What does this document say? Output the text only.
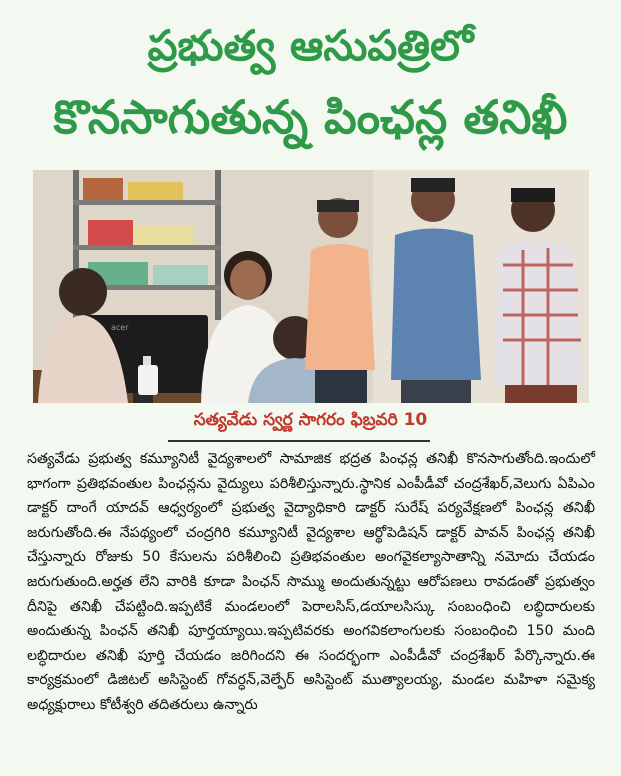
ప్రభుత్వ ఆసుపత్రిలో
కొనసాగుతున్న పింఛన్ల తనిఖీ
acer
సత్యవేడు స్వర్ణ సాగరం ఫిబ్రవరి 10

సత్యవేడు ప్రభుత్వ కమ్యూనిటీ వైద్యశాలలో సామాజిక భద్రత పింఛన్ల తనిఖీ కొనసాగుతోంది.ఇందులో భాగంగా ప్రతిభవంతుల పింఛన్లను వైద్యులు పరిశీలిస్తున్నారు.స్థానిక ఎంపీడీవో చంద్రశేఖర్,వెలుగు ఏపిఎం డాక్టర్ దాంగే యాదవ్ ఆధ్వర్యంలో ప్రభుత్వ వైద్యాధికారి డాక్టర్ సురేష్ పర్యవేక్షణలో పింఛన్ల తనిఖీ జరుగుతోంది.ఈ నేపథ్యంలో చంద్రగిరి కమ్యూనిటీ వైద్యశాల ఆర్థోపెడిషన్ డాక్టర్ పావన్ పింఛన్ల తనిఖీ చేస్తున్నారు రోజుకు 50 కేసులను పరిశీలించి ప్రతిభవంతుల అంగవైకల్యాసాతాన్ని నమోదు చేయడం జరుగుతుంది.అర్హత లేని వారికి కూడా పింఛన్ సొమ్ము అందుతున్నట్టు ఆరోపణలు రావడంతో ప్రభుత్వం దీనిపై తనిఖీ చేపట్టింది.ఇప్పటికే మండలంలో పెరాలసిస్,డయాలసిస్కు సంబంధించి లబ్ధిదారులకు అందుతున్న పింఛన్ తనిఖీ పూర్తయ్యాయి.ఇప్పటివరకు అంగవికలాంగులకు సంబంధించి 150 మంది లబ్ధిదారుల తనిఖీ పూర్తి చేయడం జరిగిందని ఈ సందర్భంగా ఎంపీడీవో చంద్రశేఖర్ పేర్కొన్నారు.ఈ కార్యక్రమంలో డిజిటల్ అసిస్టెంట్ గోవర్ధన్,వెల్ఫేర్ అసిస్టెంట్ ముత్యాలయ్య, మండల మహిళా సమైక్య అధ్యక్షురాలు కోటీశ్వరి తదితరులు ఉన్నారు
